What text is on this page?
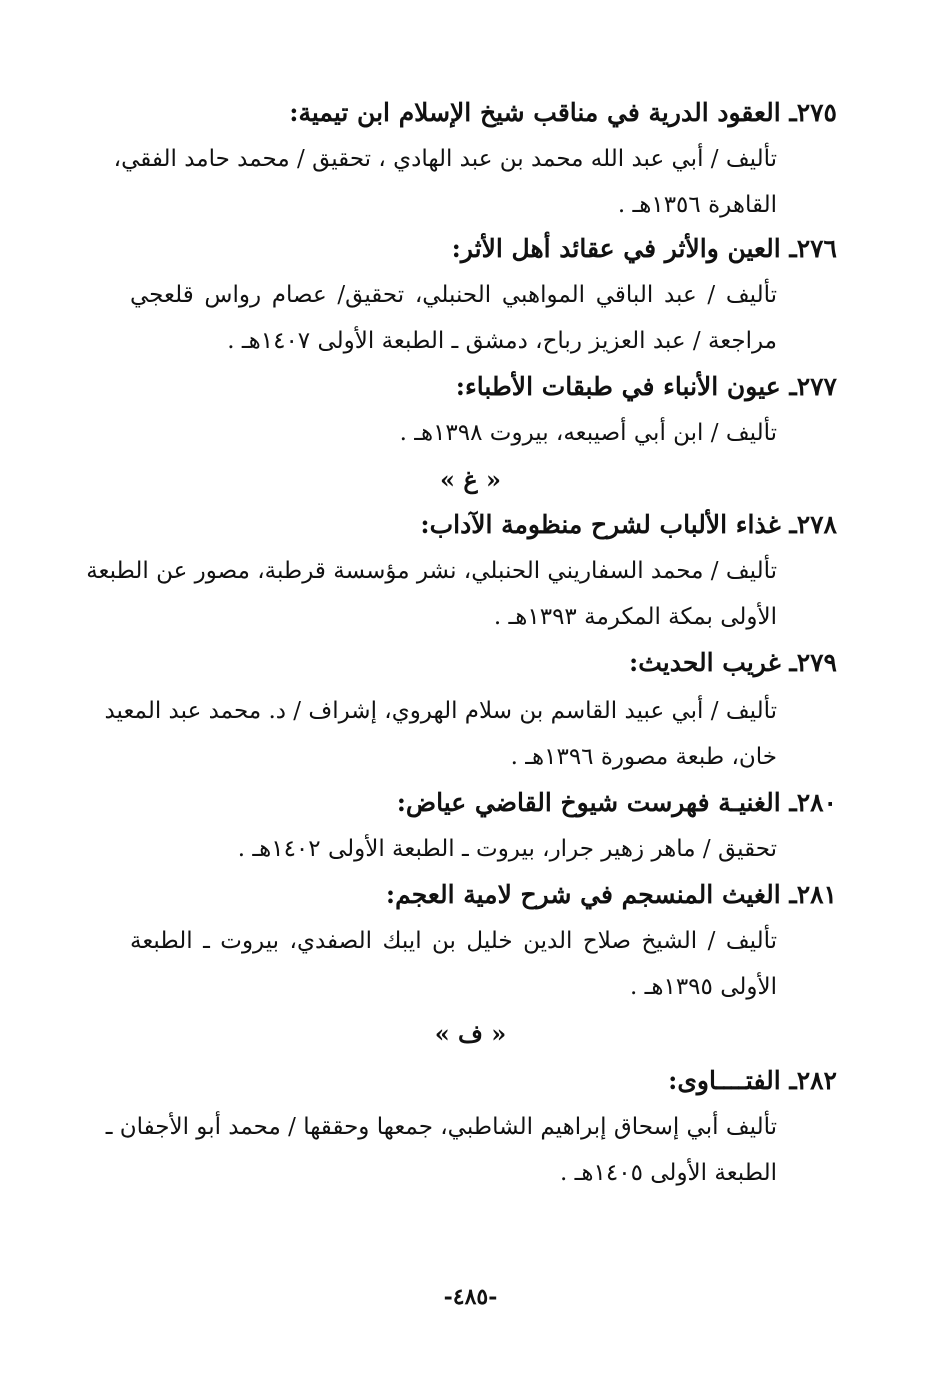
٢٧٥ـ العقود الدرية في مناقب شيخ الإسلام ابن تيمية:
تأليف / أبي عبد الله محمد بن عبد الهادي ، تحقيق / محمد حامد الفقي،
القاهرة ١٣٥٦هـ .
٢٧٦ـ العين والأثر في عقائد أهل الأثر:
تأليف / عبد الباقي المواهبي الحنبلي، تحقيق/ عصام رواس قلعجي
مراجعة / عبد العزيز رباح، دمشق ـ الطبعة الأولى ١٤٠٧هـ .
٢٧٧ـ عيون الأنباء في طبقات الأطباء:
تأليف / ابن أبي أصيبعه، بيروت ١٣٩٨هـ .
« غ »
٢٧٨ـ غذاء الألباب لشرح منظومة الآداب:
تأليف / محمد السفاريني الحنبلي، نشر مؤسسة قرطبة، مصور عن الطبعة
الأولى بمكة المكرمة ١٣٩٣هـ .
٢٧٩ـ غريب الحديث:
تأليف / أبي عبيد القاسم بن سلام الهروي، إشراف / د. محمد عبد المعيد
خان، طبعة مصورة ١٣٩٦هـ .
٢٨٠ـ الغنيـة فهرست شيوخ القاضي عياض:
تحقيق / ماهر زهير جرار، بيروت ـ الطبعة الأولى ١٤٠٢هـ .
٢٨١ـ الغيث المنسجم في شرح لامية العجم:
تأليف / الشيخ صلاح الدين خليل بن ايبك الصفدي، بيروت ـ الطبعة
الأولى ١٣٩٥هـ .
« ف »
٢٨٢ـ الفتــــاوى:
تأليف أبي إسحاق إبراهيم الشاطبي، جمعها وحققها / محمد أبو الأجفان ـ
الطبعة الأولى ١٤٠٥هـ .
-٤٨٥-
